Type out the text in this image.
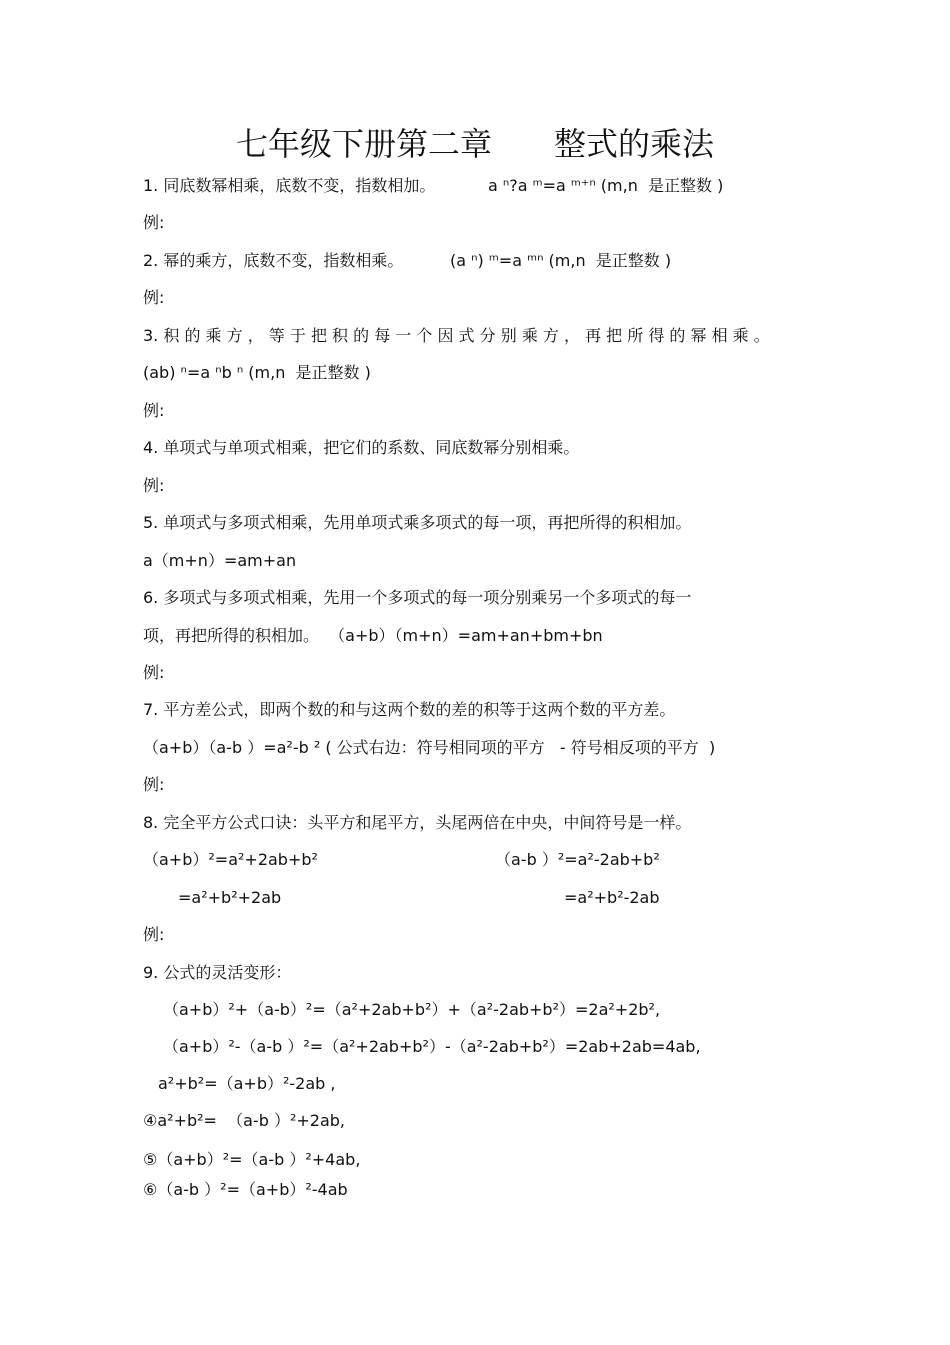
七年级下册第二章 整式的乘法
1. 同底数幂相乘，底数不变，指数相加。	a ⁿ?a ᵐ=a ᵐ⁺ⁿ (m,n  是正整数 )
例:
2. 幂的乘方，底数不变，指数相乘。	(a ⁿ) ᵐ=a ᵐⁿ (m,n  是正整数 )
例:
3. 积 的 乘 方 ， 等 于 把 积 的 每 一 个 因 式 分 别 乘 方 ， 再 把 所 得 的 幂 相 乘 。
(ab) ⁿ=a ⁿb ⁿ (m,n  是正整数 )
例:
4. 单项式与单项式相乘，把它们的系数、同底数幂分别相乘。
例:
5. 单项式与多项式相乘，先用单项式乘多项式的每一项，再把所得的积相加。
a（m+n）=am+an
6. 多项式与多项式相乘，先用一个多项式的每一项分别乘另一个多项式的每一
项，再把所得的积相加。  （a+b）（m+n）=am+an+bm+bn
例:
7. 平方差公式，即两个数的和与这两个数的差的积等于这两个数的平方差。
（a+b）（a-b ）=a²-b ² ( 公式右边：符号相同项的平方   - 符号相反项的平方  )
例:
8. 完全平方公式口诀：头平方和尾平方，头尾两倍在中央，中间符号是一样。
（a+b）²=a²+2ab+b²	（a-b ）²=a²-2ab+b²
=a²+b²+2ab	=a²+b²-2ab
例:
9. 公式的灵活变形：
（a+b）²+（a-b）²=（a²+2ab+b²）+（a²-2ab+b²）=2a²+2b²,
（a+b）²-（a-b ）²=（a²+2ab+b²）-（a²-2ab+b²）=2ab+2ab=4ab,
a²+b²=（a+b）²-2ab ,
④a²+b²=  （a-b ）²+2ab,
⑤（a+b）²=（a-b ）²+4ab,
⑥（a-b ）²=（a+b）²-4ab
